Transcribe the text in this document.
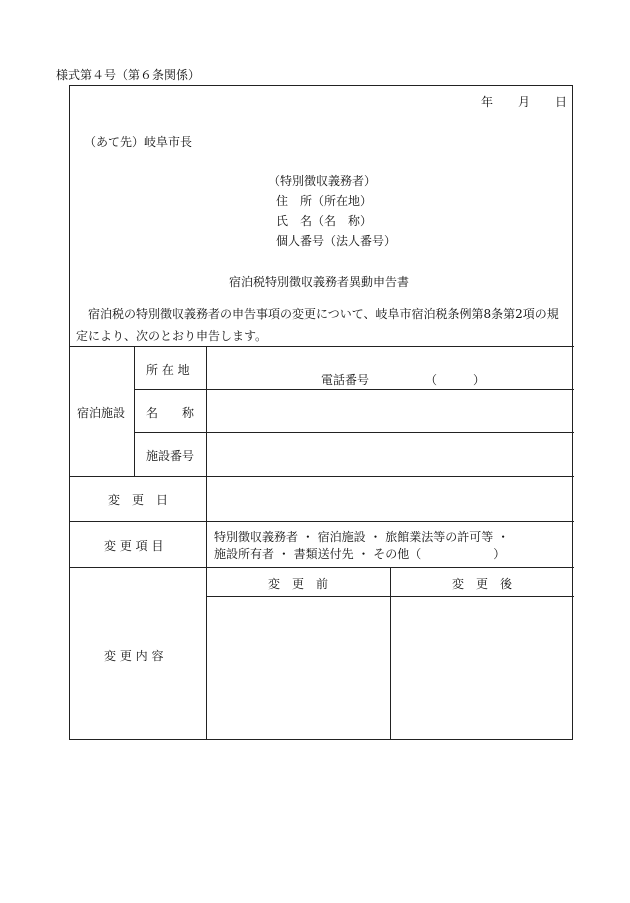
様式第４号（第６条関係）
年 月 日
（あて先）岐阜市長
（特別徴収義務者）
住　所（所在地）
氏　名（名　称）
個人番号（法人番号）
宿泊税特別徴収義務者異動申告書
宿泊税の特別徴収義務者の申告事項の変更について、岐阜市宿泊税条例第8条第2項の規
定により、次のとおり申告します。
宿泊施設
所 在 地
電話番号	（　　　）
名　　称
施設番号
変　更　日
変 更 項 目
特別徴収義務者 ・ 宿泊施設 ・ 旅館業法等の許可等 ・
施設所有者 ・ 書類送付先 ・ その他（　　　　　　）
変 更 内 容
変　更　前	変　更　後
